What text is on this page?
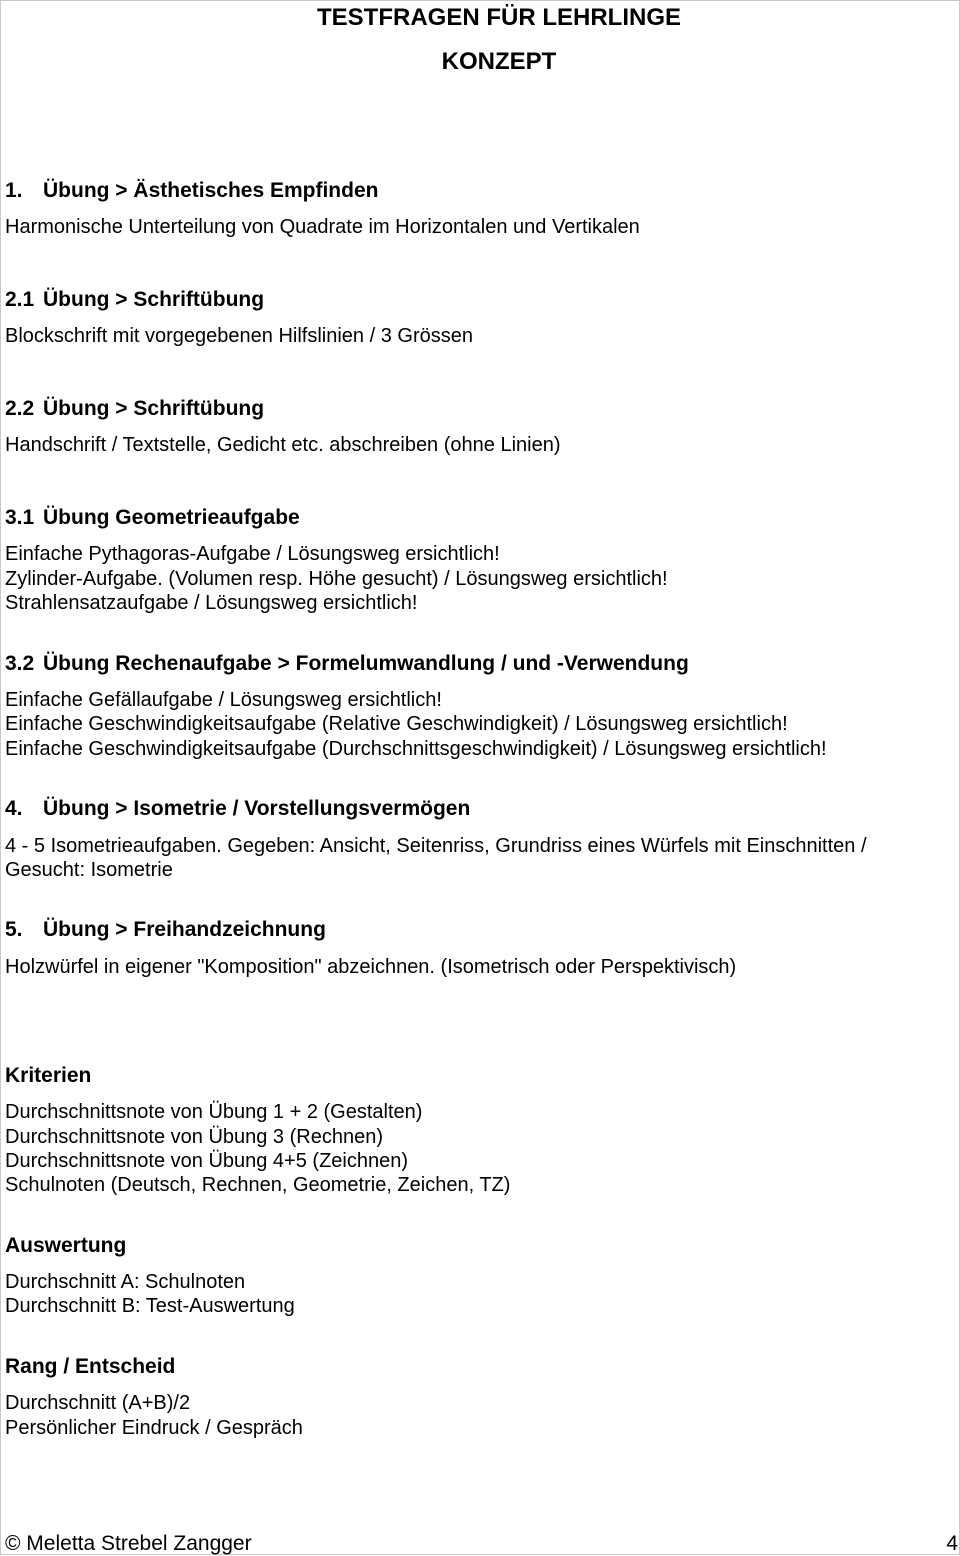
TESTFRAGEN FÜR LEHRLINGE
KONZEPT
1. Übung > Ästhetisches Empfinden

Harmonische Unterteilung von Quadrate im Horizontalen und Vertikalen

2.1 Übung > Schriftübung

Blockschrift mit vorgegebenen Hilfslinien / 3 Grössen

2.2 Übung > Schriftübung

Handschrift / Textstelle, Gedicht etc. abschreiben (ohne Linien)

3.1 Übung Geometrieaufgabe

Einfache Pythagoras-Aufgabe / Lösungsweg ersichtlich!

Zylinder-Aufgabe. (Volumen resp. Höhe gesucht) / Lösungsweg ersichtlich!

Strahlensatzaufgabe / Lösungsweg ersichtlich!

3.2 Übung Rechenaufgabe > Formelumwandlung / und -Verwendung

Einfache Gefällaufgabe / Lösungsweg ersichtlich!

Einfache Geschwindigkeitsaufgabe (Relative Geschwindigkeit) / Lösungsweg ersichtlich!

Einfache Geschwindigkeitsaufgabe (Durchschnittsgeschwindigkeit) / Lösungsweg ersichtlich!

4. Übung > Isometrie / Vorstellungsvermögen

4 - 5 Isometrieaufgaben. Gegeben: Ansicht, Seitenriss, Grundriss eines Würfels mit Einschnitten / Gesucht: Isometrie

5. Übung > Freihandzeichnung

Holzwürfel in eigener "Komposition" abzeichnen. (Isometrisch oder Perspektivisch)

Kriterien

Durchschnittsnote von Übung 1 + 2 (Gestalten)

Durchschnittsnote von Übung 3 (Rechnen)

Durchschnittsnote von Übung 4+5 (Zeichnen)

Schulnoten (Deutsch, Rechnen, Geometrie, Zeichen, TZ)

Auswertung

Durchschnitt A: Schulnoten

Durchschnitt B: Test-Auswertung

Rang / Entscheid

Durchschnitt (A+B)/2

Persönlicher Eindruck / Gespräch

© Meletta Strebel Zangger	4
